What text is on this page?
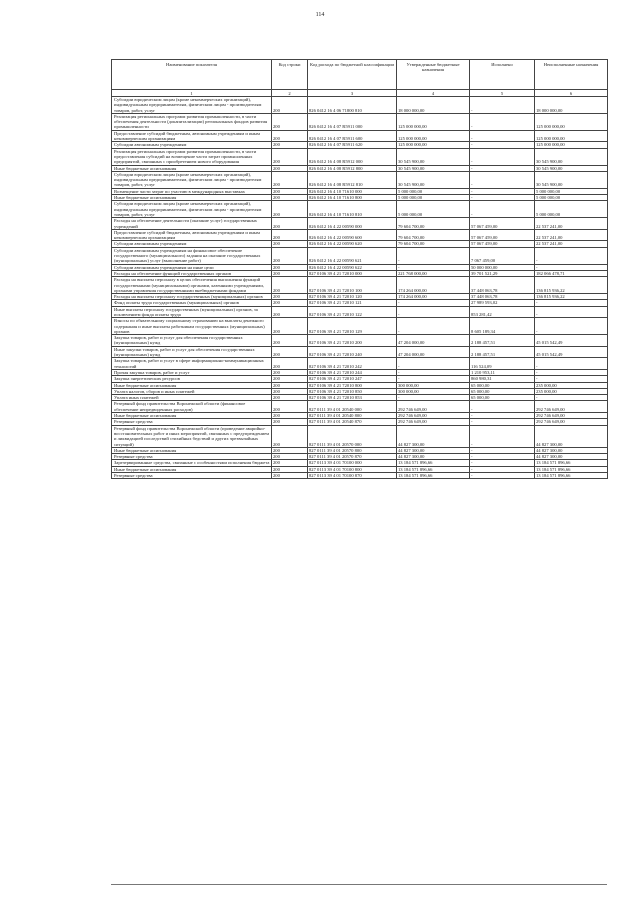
114
Наименование показателя	Код строки	Код расхода по бюджетной классификации	Утвержденные бюджетные назначения	Исполнено	Неисполненные назначения
1	2	3	4	5	6
Субсидии юридическим лицам (кроме некоммерческих организаций), индивидуальным предпринимателям, физическим лицам - производителям товаров, работ, услуг	200	826 0412 16 4 06 71800 810	18 000 000,00	-	18 000 000,00
Реализация региональных программ развития промышленности, в части обеспечения деятельности (докапитализации) региональных фондов развития промышленности	200	826 0412 16 4 07 R5911 000	125 000 000,00	-	125 000 000,00
Предоставление субсидий бюджетным, автономным учреждениям и иным некоммерческим организациям	200	826 0412 16 4 07 R5911 600	125 000 000,00	-	125 000 000,00
Субсидии автономным учреждениям	200	826 0412 16 4 07 R5911 620	125 000 000,00	-	125 000 000,00
Реализация региональных программ развития промышленности, в части предоставления субсидий на возмещение части затрат промышленных предприятий, связанных с приобретением нового оборудования	200	826 0412 16 4 08 R5912 000	30 545 900,00	-	30 545 900,00
Иные бюджетные ассигнования	200	826 0412 16 4 08 R5912 800	30 545 900,00	-	30 545 900,00
Субсидии юридическим лицам (кроме некоммерческих организаций), индивидуальным предпринимателям, физическим лицам - производителям товаров, работ, услуг	200	826 0412 16 4 08 R5912 810	30 545 900,00	-	30 545 900,00
Возмещение части затрат по участию в международных выставках	200	826 0412 16 4 10 71610 000	5 000 000,00	-	5 000 000,00
Иные бюджетные ассигнования	200	826 0412 16 4 10 71610 800	5 000 000,00	-	5 000 000,00
Субсидии юридическим лицам (кроме некоммерческих организаций), индивидуальным предпринимателям, физическим лицам - производителям товаров, работ, услуг	200	826 0412 16 4 10 71610 810	5 000 000,00	-	5 000 000,00
Расходы на обеспечение деятельности (оказание услуг) государственных учреждений	200	826 0412 16 4 22 00590 000	79 604 700,00	57 067 459,00	22 537 241,00
Предоставление субсидий бюджетным, автономным учреждениям и иным некоммерческим организациям	200	826 0412 16 4 22 00590 600	79 604 700,00	57 067 459,00	22 537 241,00
Субсидии автономным учреждениям	200	826 0412 16 4 22 00590 620	79 604 700,00	57 067 459,00	22 537 241,00
Субсидии автономным учреждениям на финансовое обеспечение государственного (муниципального) задания на оказание государственных (муниципальных) услуг (выполнение работ)	200	826 0412 16 4 22 00590 621	-	7 067 459,00	-
Субсидии автономным учреждениям на иные цели	200	826 0412 16 4 22 00590 622	-	50 000 000,00	-
Расходы на обеспечение функций государственных органов	200	827 0106 39 4 21 72010 000	221 768 000,00	39 701 521,29	182 066 478,71
Расходы на выплаты персоналу в целях обеспечения выполнения функций государственными (муниципальными) органами, казенными учреждениями, органами управления государственными внебюджетными фондами	200	827 0106 39 4 21 72010 100	174 264 000,00	37 448 063,78	136 815 936,22
Расходы на выплаты персоналу государственных (муниципальных) органов	200	827 0106 39 4 21 72010 120	174 264 000,00	37 448 063,78	136 815 936,22
Фонд оплаты труда государственных (муниципальных) органов	200	827 0106 39 4 21 72010 121	-	27 989 593,02	-
Иные выплаты персоналу государственных (муниципальных) органов, за исключением фонда оплаты труда	200	827 0106 39 4 21 72010 122	-	853 281,42	-
Взносы по обязательному социальному страхованию на выплаты денежного содержания и иные выплаты работникам государственных (муниципальных) органов	200	827 0106 39 4 21 72010 129	-	8 605 189,34	-
Закупка товаров, работ и услуг для обеспечения государственных (муниципальных) нужд	200	827 0106 39 4 21 72010 200	47 204 000,00	2 188 457,51	45 015 542,49
Иные закупки товаров, работ и услуг для обеспечения государственных (муниципальных) нужд	200	827 0106 39 4 21 72010 240	47 204 000,00	2 188 457,51	45 015 542,49
Закупка товаров, работ и услуг в сфере информационно-коммуникационных технологий	200	827 0106 39 4 21 72010 242	-	116 524,09	-
Прочая закупка товаров, работ и услуг	200	827 0106 39 4 21 72010 244	-	1 210 953,11	-
Закупка энергетических ресурсов	200	827 0106 39 4 21 72010 247	-	860 980,31	-
Иные бюджетные ассигнования	200	827 0106 39 4 21 72010 800	300 000,00	65 000,00	235 000,00
Уплата налогов, сборов и иных платежей	200	827 0106 39 4 21 72010 850	300 000,00	65 000,00	235 000,00
Уплата иных платежей	200	827 0106 39 4 21 72010 853	-	65 000,00	-
Резервный фонд правительства Воронежской области (финансовое обеспечение непредвиденных расходов)	200	827 0111 39 4 01 20540 000	292 746 649,00	-	292 746 649,00
Иные бюджетные ассигнования	200	827 0111 39 4 01 20540 800	292 746 649,00	-	292 746 649,00
Резервные средства	200	827 0111 39 4 01 20540 870	292 746 649,00	-	292 746 649,00
Резервный фонд правительства Воронежской области (проведение аварийно-восстановительных работ и иных мероприятий, связанных с предупреждением и ликвидацией последствий стихийных бедствий и других чрезвычайных ситуаций)	200	827 0111 39 4 01 20570 000	44 827 300,00	-	44 827 300,00
Иные бюджетные ассигнования	200	827 0111 39 4 01 20570 800	44 827 300,00	-	44 827 300,00
Резервные средства	200	827 0111 39 4 01 20570 870	44 827 300,00	-	44 827 300,00
Зарезервированные средства, связанные с особенностями исполнения бюджета	200	827 0113 39 4 01 70100 000	13 184 571 896,66	-	13 184 571 896,66
Иные бюджетные ассигнования	200	827 0113 39 4 01 70100 800	13 184 571 896,66	-	13 184 571 896,66
Резервные средства	200	827 0113 39 4 01 70100 870	13 184 571 896,66	-	13 184 571 896,66
